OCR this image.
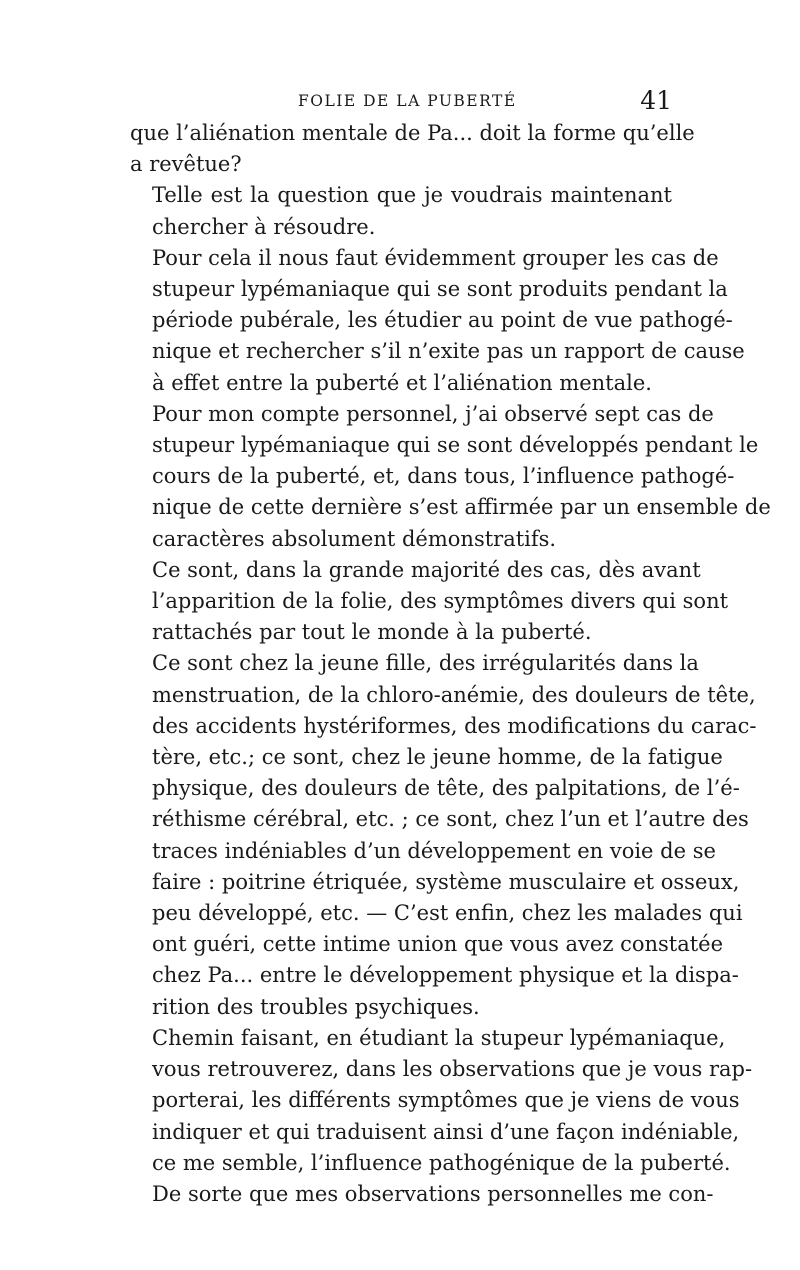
FOLIE DE LA PUBERTÉ	41

que l’aliénation mentale de Pa... doit la forme qu’elle
a revêtue?

Telle est la question que je voudrais maintenant
chercher à résoudre.

Pour cela il nous faut évidemment grouper les cas de
stupeur lypémaniaque qui se sont produits pendant la
période pubérale, les étudier au point de vue pathogé-
nique et rechercher s’il n’exite pas un rapport de cause
à effet entre la puberté et l’aliénation mentale.

Pour mon compte personnel, j’ai observé sept cas de
stupeur lypémaniaque qui se sont développés pendant le
cours de la puberté, et, dans tous, l’influence pathogé-
nique de cette dernière s’est affirmée par un ensemble de
caractères absolument démonstratifs.

Ce sont, dans la grande majorité des cas, dès avant
l’apparition de la folie, des symptômes divers qui sont
rattachés par tout le monde à la puberté.

Ce sont chez la jeune fille, des irrégularités dans la
menstruation, de la chloro-anémie, des douleurs de tête,
des accidents hystériformes, des modifications du carac-
tère, etc.; ce sont, chez le jeune homme, de la fatigue
physique, des douleurs de tête, des palpitations, de l’é-
réthisme cérébral, etc. ; ce sont, chez l’un et l’autre des
traces indéniables d’un développement en voie de se
faire : poitrine étriquée, système musculaire et osseux,
peu développé, etc. — C’est enfin, chez les malades qui
ont guéri, cette intime union que vous avez constatée
chez Pa... entre le développement physique et la dispa-
rition des troubles psychiques.

Chemin faisant, en étudiant la stupeur lypémaniaque,
vous retrouverez, dans les observations que je vous rap-
porterai, les différents symptômes que je viens de vous
indiquer et qui traduisent ainsi d’une façon indéniable,
ce me semble, l’influence pathogénique de la puberté.
De sorte que mes observations personnelles me con-
